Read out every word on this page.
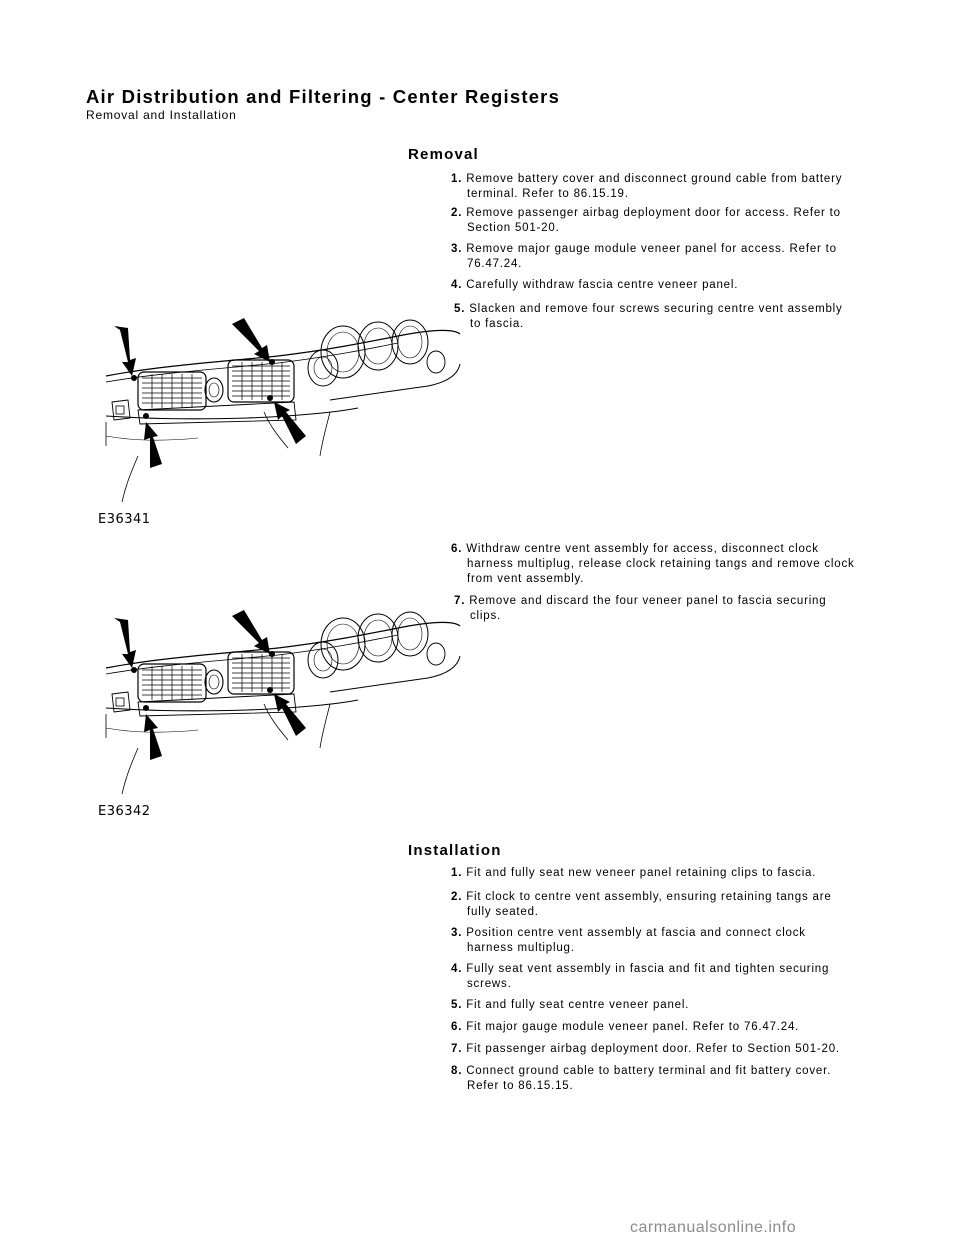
Air Distribution and Filtering - Center Registers
Removal and Installation
Removal
1. Remove battery cover and disconnect ground cable from battery
terminal. Refer to 86.15.19.
2. Remove passenger airbag deployment door for access. Refer to
Section 501-20.
3. Remove major gauge module veneer panel for access. Refer to
76.47.24.
4. Carefully withdraw fascia centre veneer panel.
5. Slacken and remove four screws securing centre vent assembly
to fascia.
E36341
6. Withdraw centre vent assembly for access, disconnect clock
harness multiplug, release clock retaining tangs and remove clock
from vent assembly.
7. Remove and discard the four veneer panel to fascia securing
clips.
E36342
Installation
1. Fit and fully seat new veneer panel retaining clips to fascia.
2. Fit clock to centre vent assembly, ensuring retaining tangs are
fully seated.
3. Position centre vent assembly at fascia and connect clock
harness multiplug.
4. Fully seat vent assembly in fascia and fit and tighten securing
screws.
5. Fit and fully seat centre veneer panel.
6. Fit major gauge module veneer panel. Refer to 76.47.24.
7. Fit passenger airbag deployment door. Refer to Section 501-20.
8. Connect ground cable to battery terminal and fit battery cover.
Refer to 86.15.15.
carmanualsonline.info
